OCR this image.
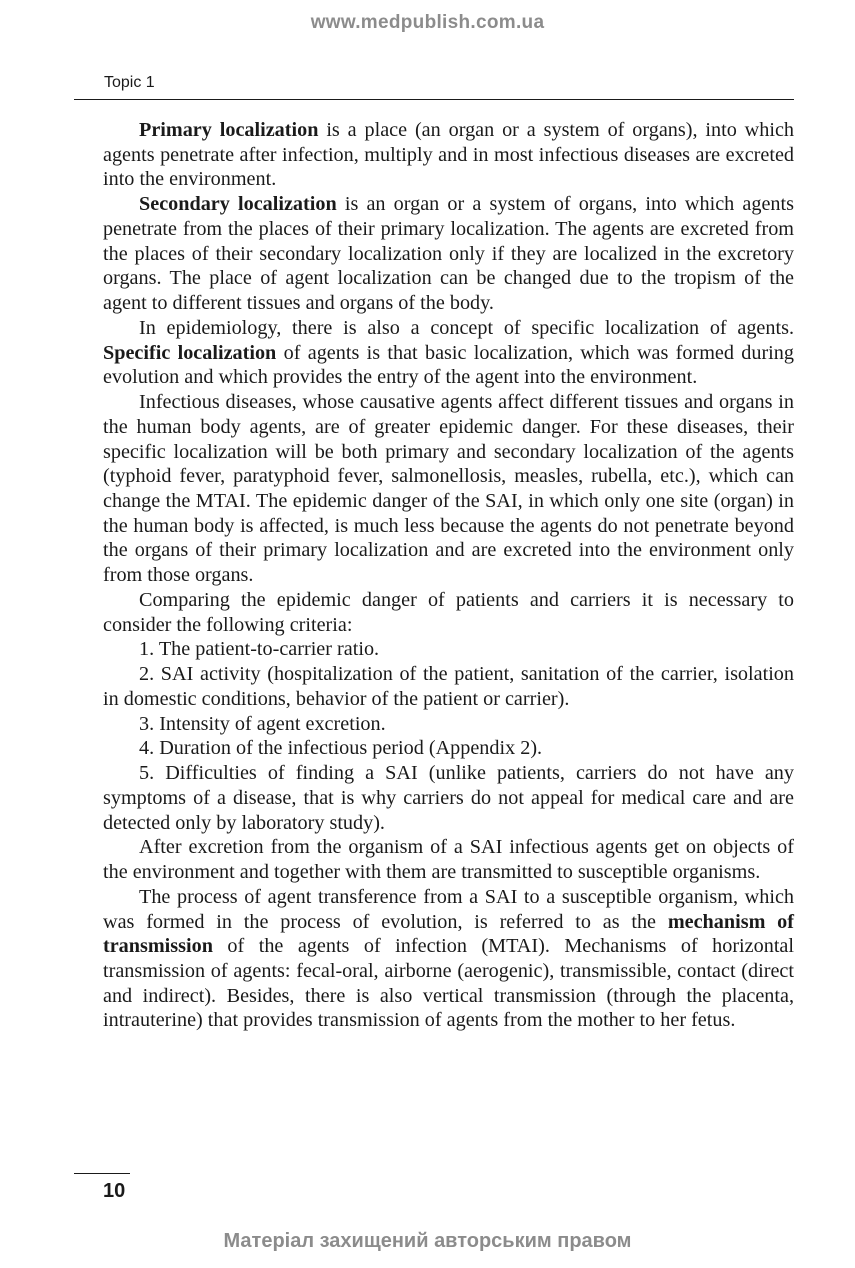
www.medpublish.com.ua
Topic 1

Primary localization is a place (an organ or a system of organs), into which agents penetrate after infection, multiply and in most infectious diseases are excreted into the environment.

Secondary localization is an organ or a system of organs, into which agents penetrate from the places of their primary localization. The agents are excreted from the places of their secondary localization only if they are localized in the excretory organs. The place of agent localization can be changed due to the tropism of the agent to different tissues and organs of the body.

In epidemiology, there is also a concept of specific localization of agents. Specific localization of agents is that basic localization, which was formed during evolution and which provides the entry of the agent into the environment.

Infectious diseases, whose causative agents affect different tissues and organs in the human body agents, are of greater epidemic danger. For these diseases, their specific localization will be both primary and secondary localization of the agents (typhoid fever, paratyphoid fever, salmonellosis, measles, rubella, etc.), which can change the MTAI. The epidemic danger of the SAI, in which only one site (organ) in the human body is affected, is much less because the agents do not penetrate beyond the organs of their primary localization and are excreted into the environment only from those organs.

Comparing the epidemic danger of patients and carriers it is necessary to consider the following criteria:

1. The patient-to-carrier ratio.

2. SAI activity (hospitalization of the patient, sanitation of the carrier, isolation in domestic conditions, behavior of the patient or carrier).

3. Intensity of agent excretion.

4. Duration of the infectious period (Appendix 2).

5. Difficulties of finding a SAI (unlike patients, carriers do not have any symptoms of a disease, that is why carriers do not appeal for medical care and are detected only by laboratory study).

After excretion from the organism of a SAI infectious agents get on objects of the environment and together with them are transmitted to susceptible organisms.

The process of agent transference from a SAI to a susceptible organism, which was formed in the process of evolution, is referred to as the mechanism of transmission of the agents of infection (MTAI). Mechanisms of horizontal transmission of agents: fecal-oral, airborne (aerogenic), transmissible, contact (direct and indirect). Besides, there is also vertical transmission (through the placenta, intrauterine) that provides transmission of agents from the mother to her fetus.

10
Матеріал захищений авторським правом
